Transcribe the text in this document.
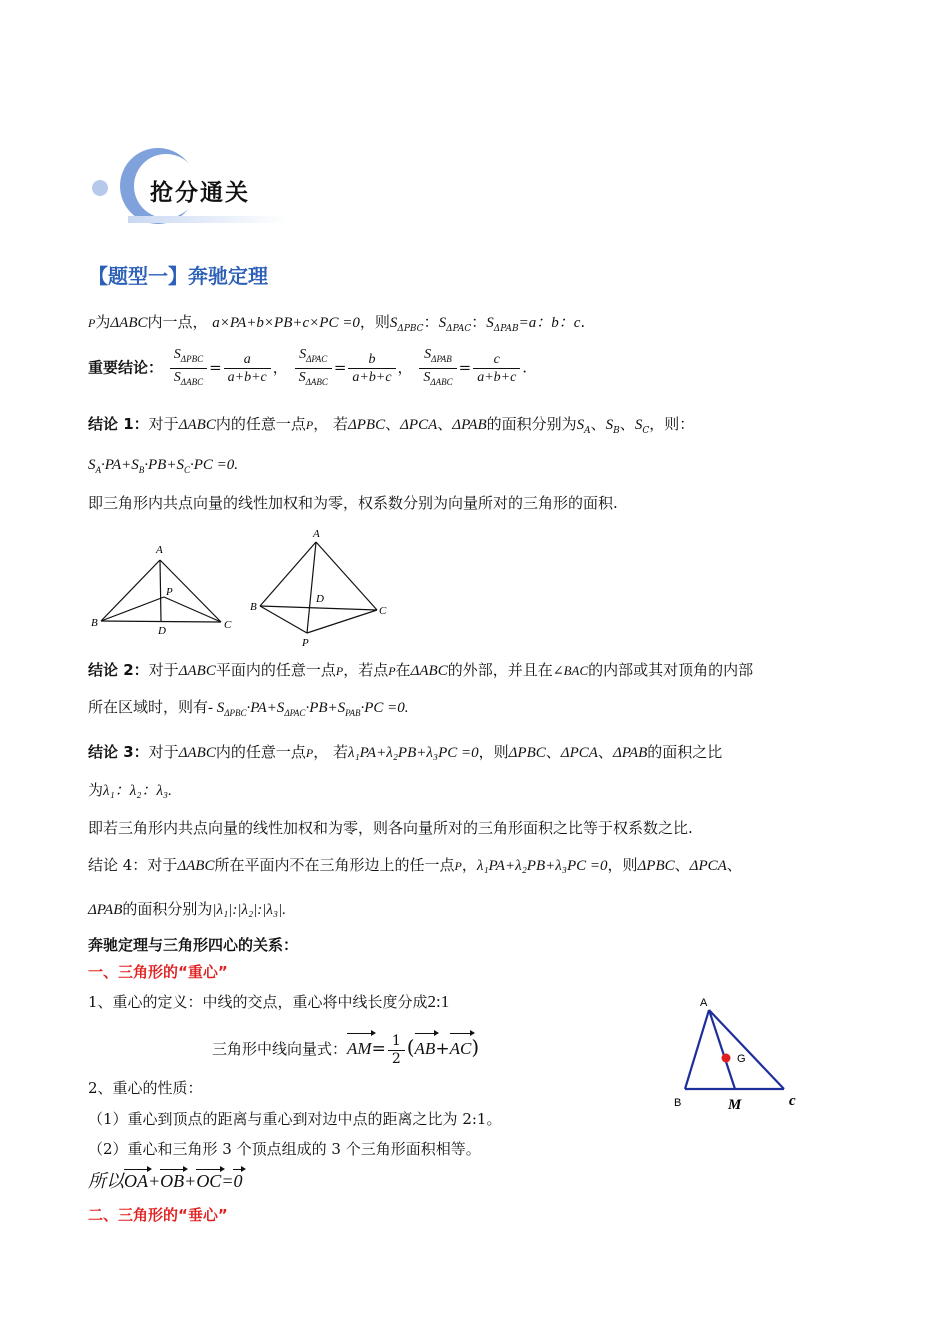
抢分通关
【题型一】奔驰定理
P为ΔABC内一点， a×PA+b×PB+c×PC =0，则$S_{\Delta PBC}$：$S_{\Delta PAC}$：$S_{\Delta PAB}=a$：b：c.
重要结论： $\frac{S_{\Delta PBC}}{S_{\Delta ABC}} = \frac{a}{a+b+c}$ ， $\frac{S_{\Delta PAC}}{S_{\Delta ABC}} = \frac{b}{a+b+c}$ ， $\frac{S_{\Delta PAB}}{S_{\Delta ABC}} = \frac{c}{a+b+c}$ .
结论 1：对于ΔABC内的任意一点P， 若ΔPBC、ΔPCA、ΔPAB的面积分别为$S_A$、$S_B$、$S_C$，则：
$S_A\cdot PA+S_B\cdot PB+S_C\cdot PC =0$.
即三角形内共点向量的线性加权和为零，权系数分别为向量所对的三角形的面积.
A
B	C
P
D
A
B	C
P
D
结论 2：对于ΔABC平面内的任意一点P，若点P在ΔABC的外部，并且在∠BAC的内部或其对顶角的内部
所在区域时，则有- $S_{\Delta PBC}\cdot PA+S_{\Delta PAC}\cdot PB+S_{PAB}\cdot PC =0$.
结论 3：对于ΔABC内的任意一点P， 若λ₁PA+λ₂PB+λ₃PC =0，则ΔPBC、ΔPCA、ΔPAB的面积之比
为λ₁：λ₂：λ₃.
即若三角形内共点向量的线性加权和为零，则各向量所对的三角形面积之比等于权系数之比.
结论 4：对于ΔABC所在平面内不在三角形边上的任一点P，λ₁PA+λ₂PB+λ₃PC =0，则ΔPBC、ΔPCA、
ΔPAB的面积分别为|λ₁|:|λ₂|:|λ₃|.
奔驰定理与三角形四心的关系：
一、三角形的“重心”
1、重心的定义：中线的交点，重心将中线长度分成2:1
三角形中线向量式：$AM= \frac{1}{2} (AB+AC)$
2、重心的性质：
（1）重心到顶点的距离与重心到对边中点的距离之比为 2:1。
（2）重心和三角形 3 个顶点组成的 3 个三角形面积相等。
所以OA+OB+OC=0
A
B
G
M	c
二、三角形的“垂心”
